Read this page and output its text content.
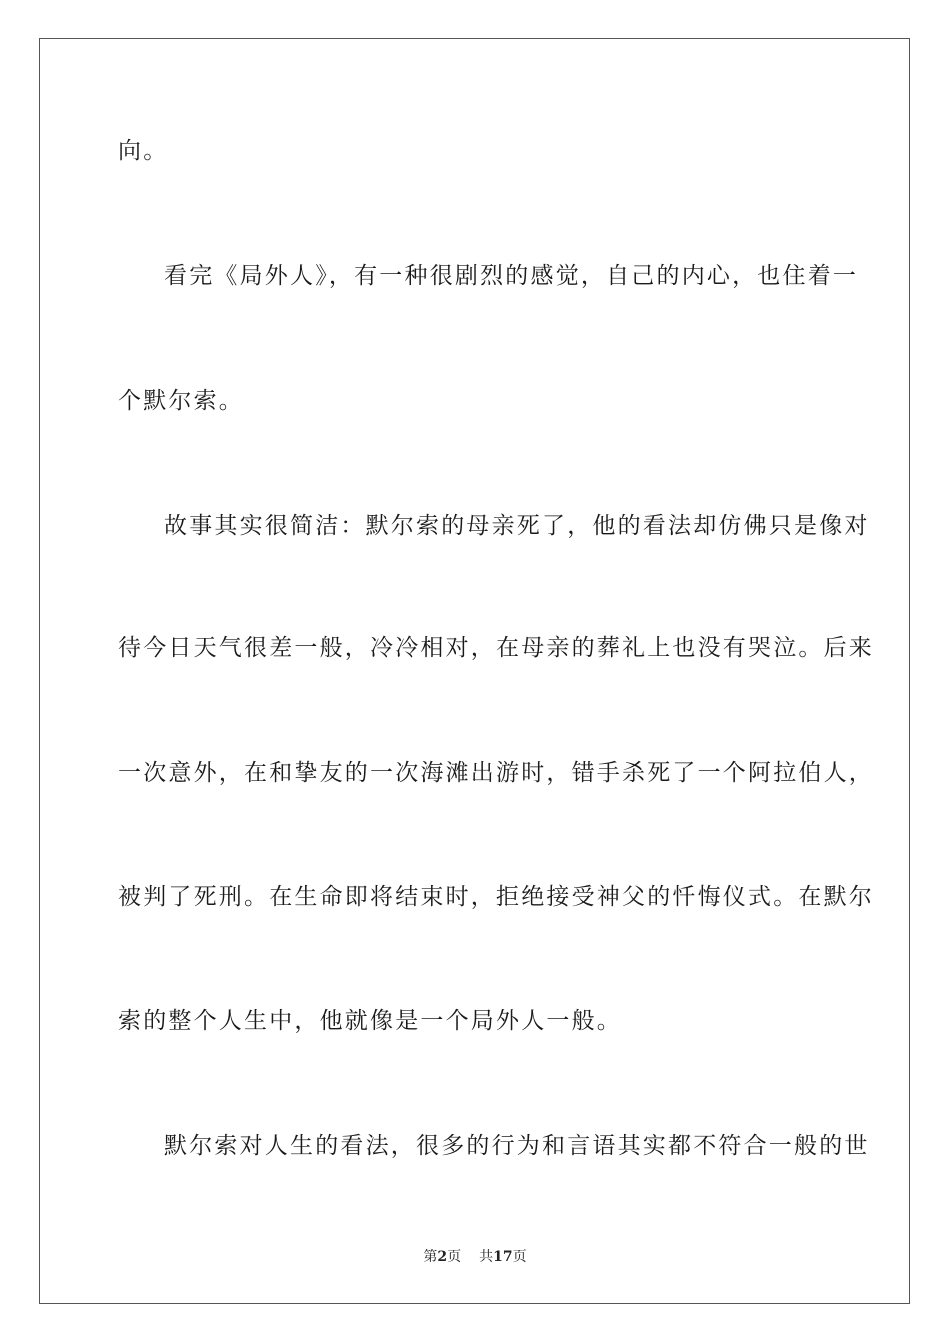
向。
看完《局外人》，有一种很剧烈的感觉，自己的内心，也住着一
个默尔索。
故事其实很简洁：默尔索的母亲死了，他的看法却仿佛只是像对
待今日天气很差一般，冷冷相对，在母亲的葬礼上也没有哭泣。后来
一次意外，在和挚友的一次海滩出游时，错手杀死了一个阿拉伯人，
被判了死刑。在生命即将结束时，拒绝接受神父的忏悔仪式。在默尔
索的整个人生中，他就像是一个局外人一般。
默尔索对人生的看法，很多的行为和言语其实都不符合一般的世
第2页 共17页
